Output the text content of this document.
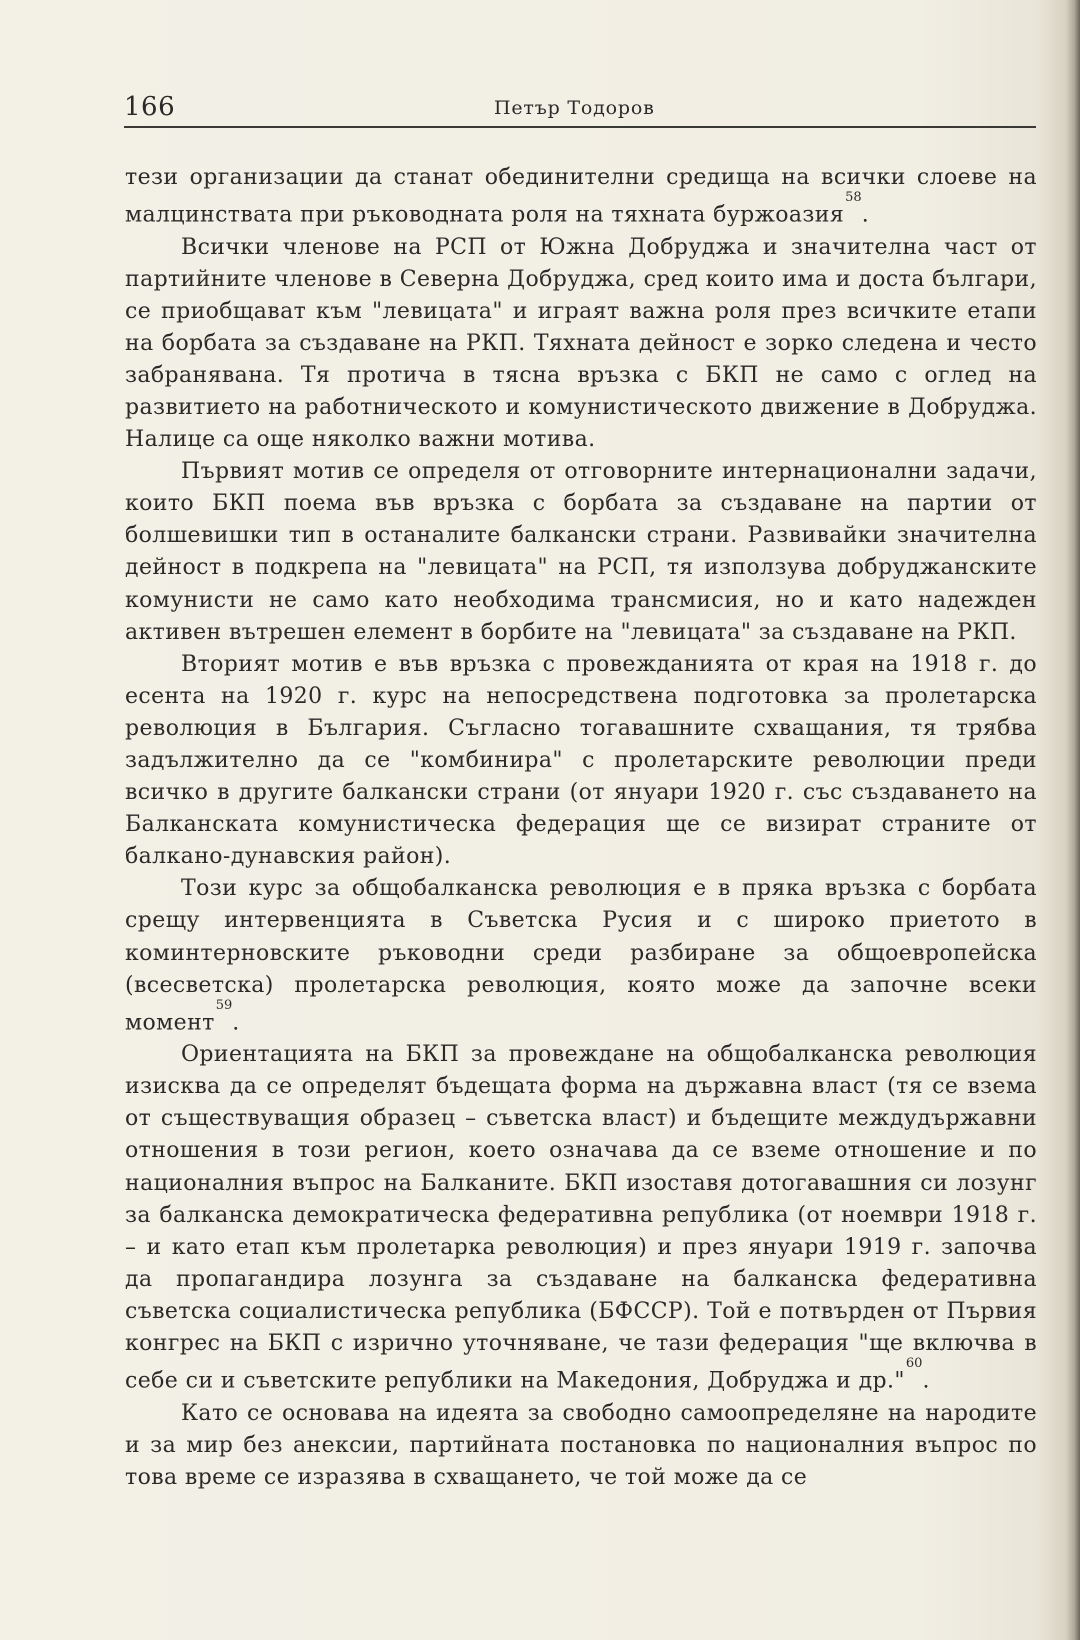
166	Петър Тодоров

тези организации да станат обединителни средища на всички слоеве на малцинствата при ръководната роля на тяхната буржоазия$^{58}$.

Всички членове на РСП от Южна Добруджа и значителна част от партийните членове в Северна Добруджа, сред които има и доста българи, се приобщават към "левицата" и играят важна роля през всичките етапи на борбата за създаване на РКП. Тяхната дейност е зорко следена и често забранявана. Тя протича в тясна връзка с БКП не само с оглед на развитието на работническото и комунистическото движение в Добруджа. Налице са още няколко важни мотива.

Първият мотив се определя от отговорните интернационални задачи, които БКП поема във връзка с борбата за създаване на партии от болшевишки тип в останалите балкански страни. Развивайки значителна дейност в подкрепа на "левицата" на РСП, тя използува добруджанските комунисти не само като необходима трансмисия, но и като надежден активен вътрешен елемент в борбите на "левицата" за създаване на РКП.

Вторият мотив е във връзка с провежданията от края на 1918 г. до есента на 1920 г. курс на непосредствена подготовка за пролетарска революция в България. Съгласно тогавашните схващания, тя трябва задължително да се "комбинира" с пролетарските революции преди всичко в другите балкански страни (от януари 1920 г. със създаването на Балканската комунистическа федерация ще се визират страните от балкано-дунавския район).

Този курс за общобалканска революция е в пряка връзка с борбата срещу интервенцията в Съветска Русия и с широко приетото в коминтерновските ръководни среди разбиране за общоевропейска (всесветска) пролетарска революция, която може да започне всеки момент$^{59}$.

Ориентацията на БКП за провеждане на общобалканска революция изисква да се определят бъдещата форма на държавна власт (тя се взема от съществуващия образец – съветска власт) и бъдещите междудържавни отношения в този регион, което означава да се вземе отношение и по националния въпрос на Балканите. БКП изоставя дотогавашния си лозунг за балканска демократическа федеративна република (от ноември 1918 г. – и като етап към пролетарка революция) и през януари 1919 г. започва да пропагандира лозунга за създаване на балканска федеративна съветска социалистическа република (БФССР). Той е потвърден от Първия конгрес на БКП с изрично уточняване, че тази федерация "ще включва в себе си и съветските републики на Македония, Добруджа и др."$^{60}$.

Като се основава на идеята за свободно самоопределяне на народите и за мир без анексии, партийната постановка по националния въпрос по това време се изразява в схващането, че той може да се
